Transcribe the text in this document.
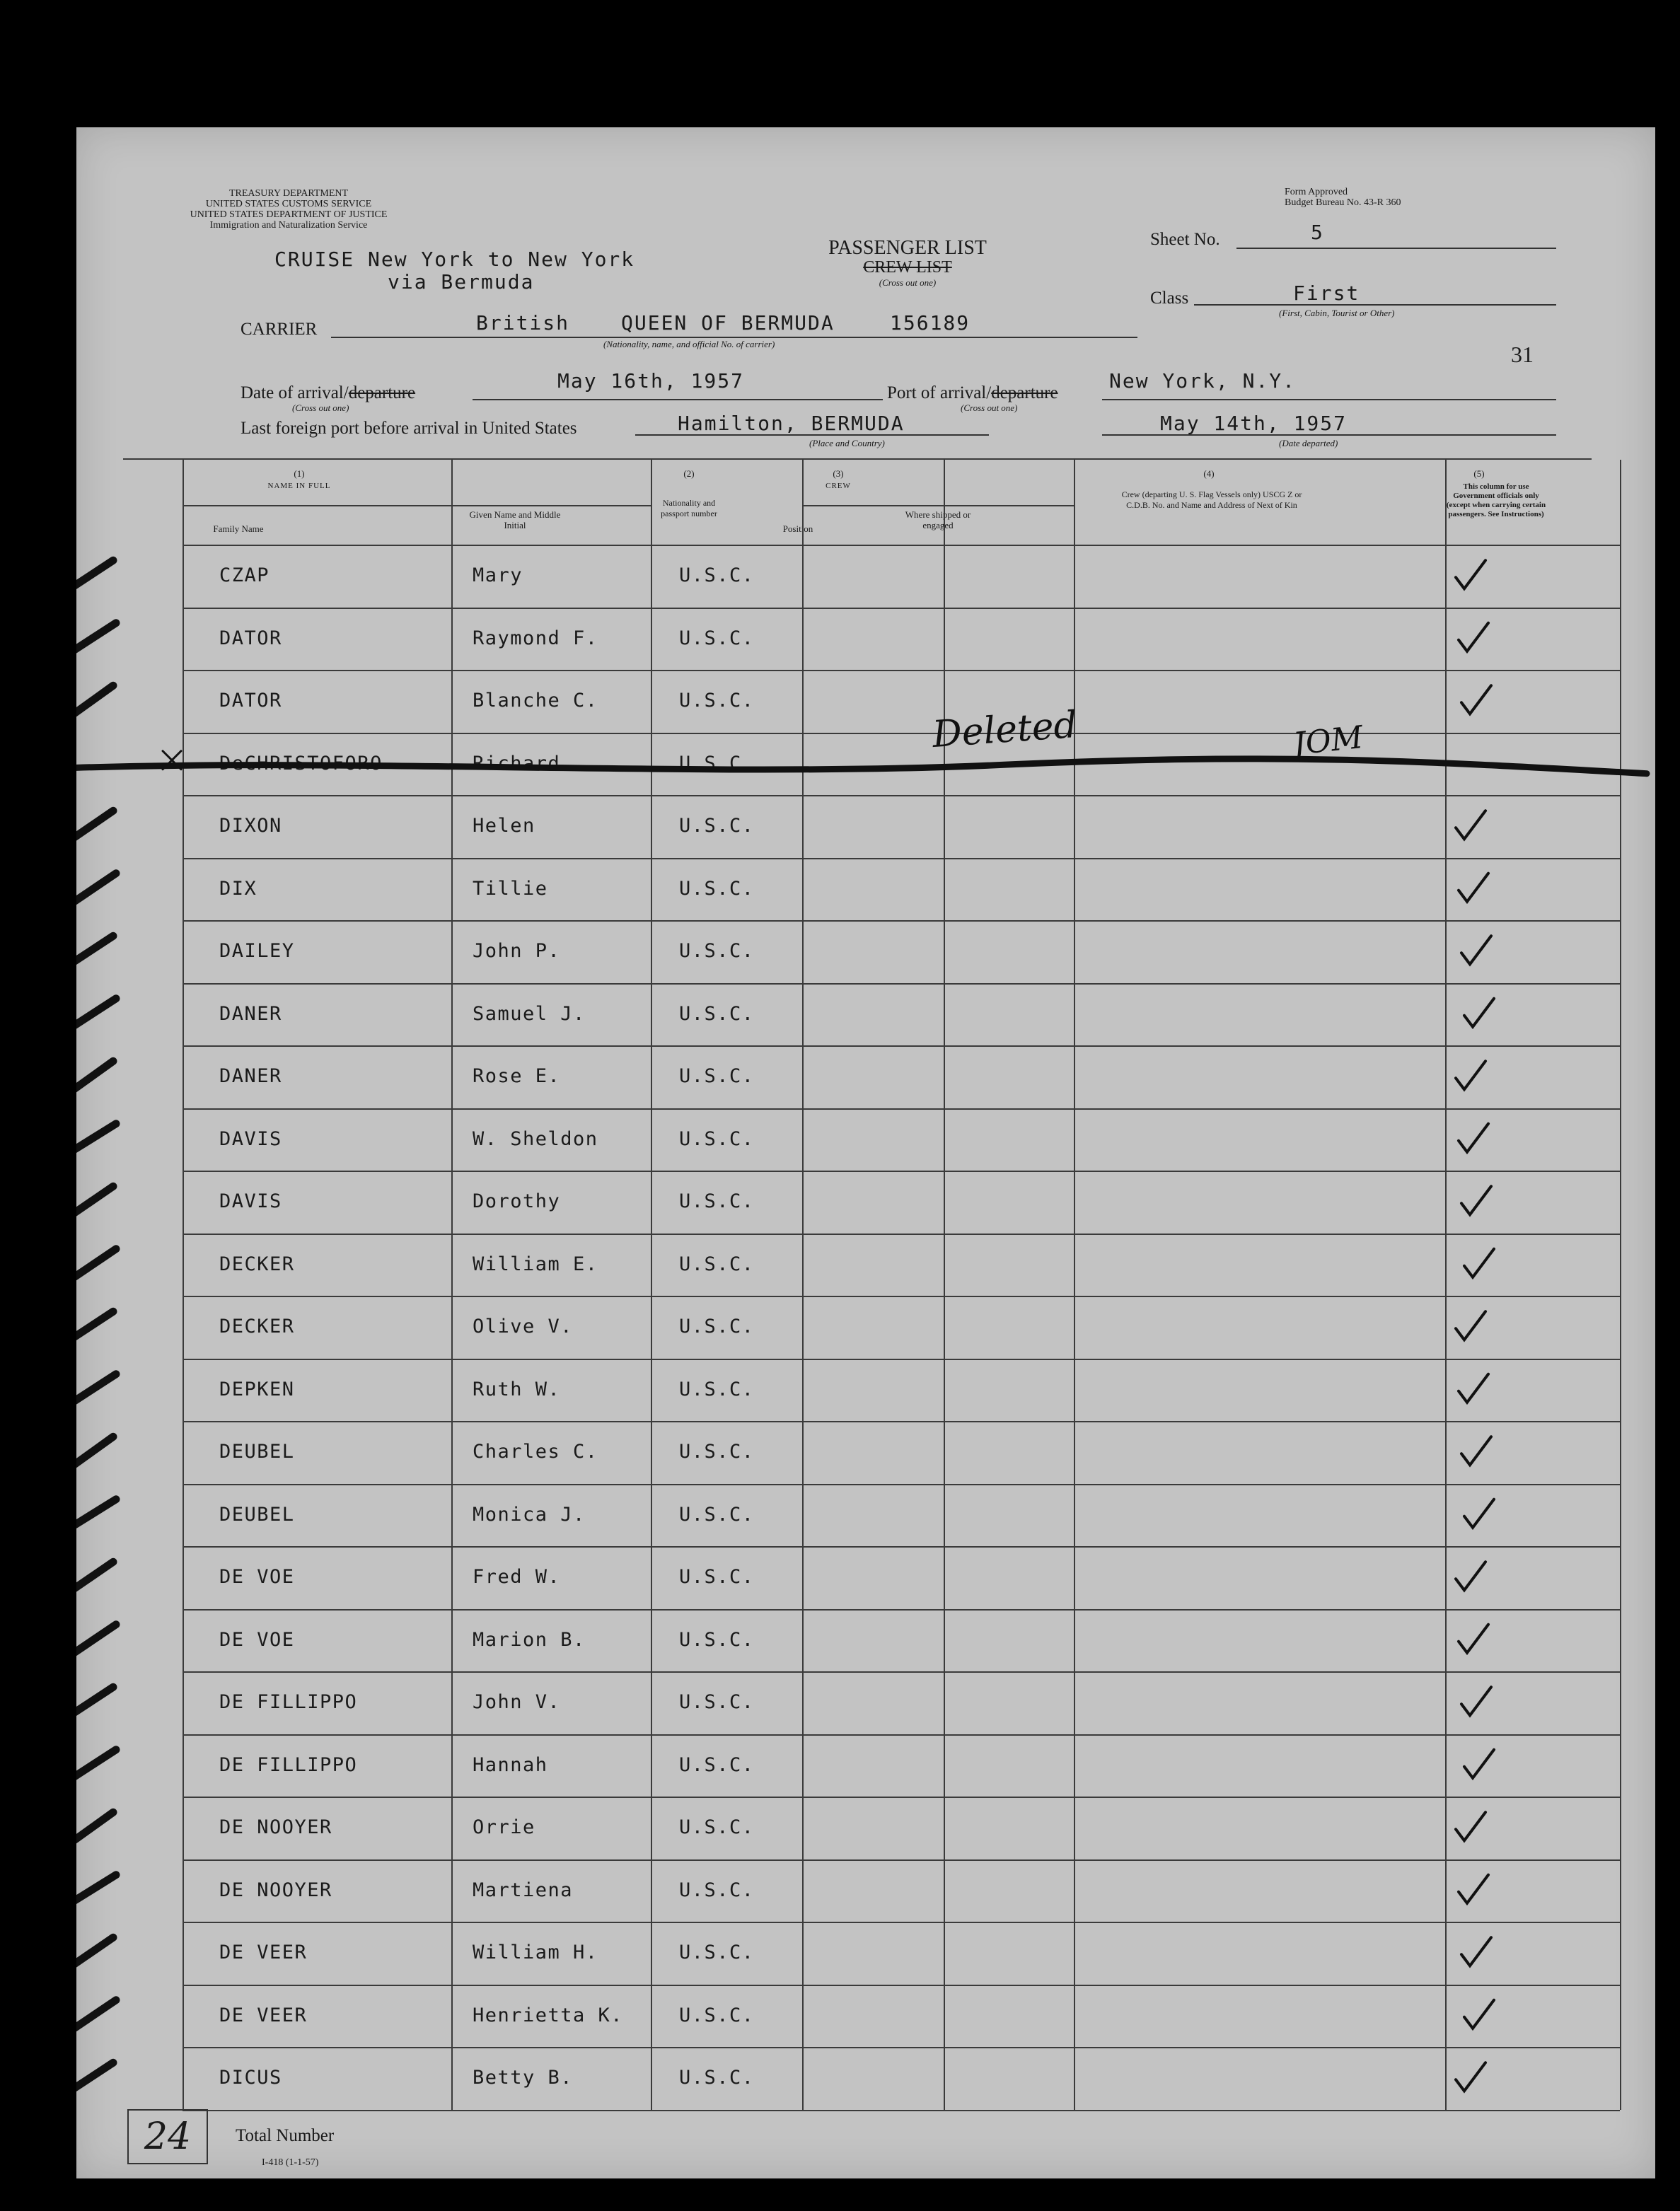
TREASURY DEPARTMENT
UNITED STATES CUSTOMS SERVICE
UNITED STATES DEPARTMENT OF JUSTICE
Immigration and Naturalization Service
Form Approved
Budget Bureau No. 43-R 360
PASSENGER LIST
CREW LIST
(Cross out one)
CRUISE New York to New York
via Bermuda
Sheet No.	5
Class	First
(First, Cabin, Tourist or Other)
31
CARRIER	British	QUEEN OF BERMUDA	156189
(Nationality, name, and official No. of carrier)
Date of arrival/departure
May 16th, 1957
(Cross out one)
Port of arrival/departure
New York, N.Y.
(Cross out one)
Last foreign port before arrival in United States	Hamilton, BERMUDA
(Place and Country)
May 14th, 1957
(Date departed)
(1)
NAME IN FULL
Family Name
Given Name and Middle Initial
(2)
Nationality and passport number
(3)
CREW
Position
Where shipped or engaged
(4)
Crew (departing U. S. Flag Vessels only) USCG Z or C.D.B. No. and Name and Address of Next of Kin
(5)
This column for use Government officials only (except when carrying certain passengers. See Instructions)
CZAP	Mary	U.S.C.
DATOR	Raymond F.	U.S.C.
DATOR	Blanche C.	U.S.C.
DeCHRISTOFORO	Richard	U.S.C.
DIXON	Helen	U.S.C.
DIX	Tillie	U.S.C.
DAILEY	John P.	U.S.C.
DANER	Samuel J.	U.S.C.
DANER	Rose E.	U.S.C.
DAVIS	W. Sheldon	U.S.C.
DAVIS	Dorothy	U.S.C.
DECKER	William E.	U.S.C.
DECKER	Olive V.	U.S.C.
DEPKEN	Ruth W.	U.S.C.
DEUBEL	Charles C.	U.S.C.
DEUBEL	Monica J.	U.S.C.
DE VOE	Fred W.	U.S.C.
DE VOE	Marion B.	U.S.C.
DE FILLIPPO	John V.	U.S.C.
DE FILLIPPO	Hannah	U.S.C.
DE NOOYER	Orrie	U.S.C.
DE NOOYER	Martiena	U.S.C.
DE VEER	William H.	U.S.C.
DE VEER	Henrietta K.	U.S.C.
DICUS	Betty B.	U.S.C.
Deleted	JOM
24	Total Number
I-418 (1-1-57)
